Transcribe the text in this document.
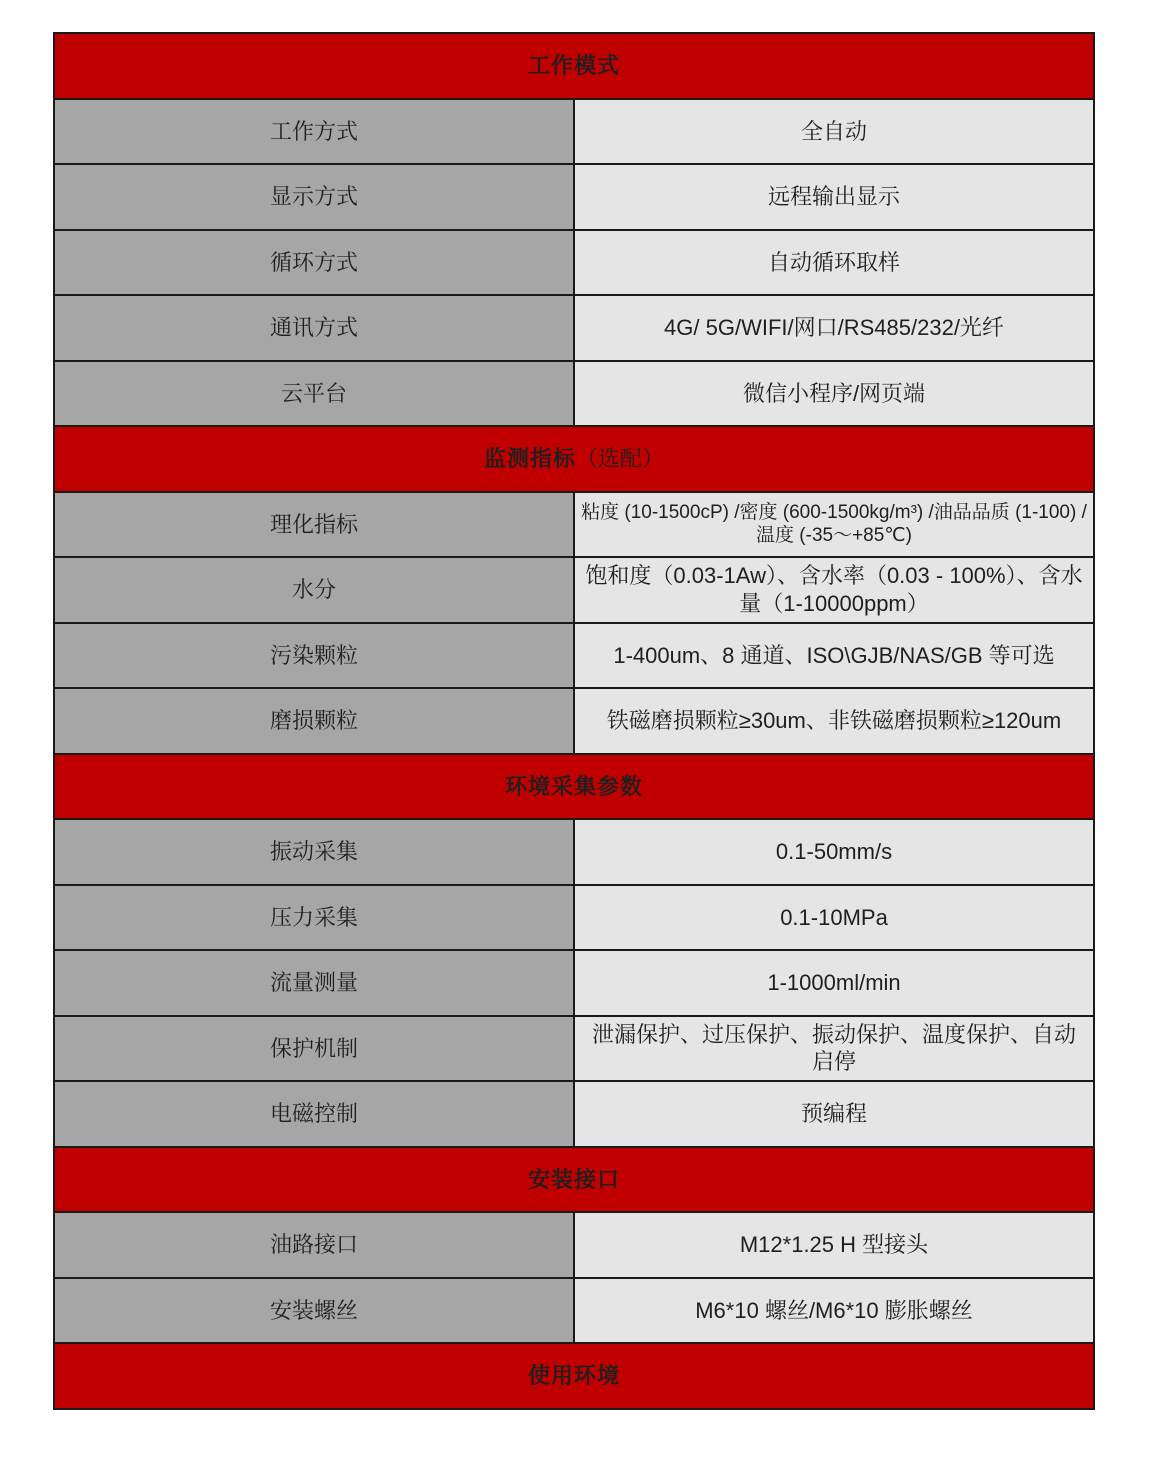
工作模式	
工作方式	全自动
显示方式	远程输出显示
循环方式	自动循环取样
通讯方式	4G/ 5G/WIFI/网口/RS485/232/光纤
云平台	微信小程序/网页端
监测指标（选配）	
理化指标	粘度 (10-1500cP) /密度 (600-1500kg/m³) /油品品质 (1-100) /温度 (-35～+85℃)
水分	饱和度（0.03-1Aw）、含水率（0.03 - 100%）、含水量（1-10000ppm）
污染颗粒	1-400um、8 通道、ISO\GJB/NAS/GB 等可选
磨损颗粒	铁磁磨损颗粒≥30um、非铁磁磨损颗粒≥120um
环境采集参数	
振动采集	0.1-50mm/s
压力采集	0.1-10MPa
流量测量	1-1000ml/min
保护机制	泄漏保护、过压保护、振动保护、温度保护、自动启停
电磁控制	预编程
安装接口	
油路接口	M12*1.25 H 型接头
安装螺丝	M6*10 螺丝/M6*10 膨胀螺丝
使用环境	
